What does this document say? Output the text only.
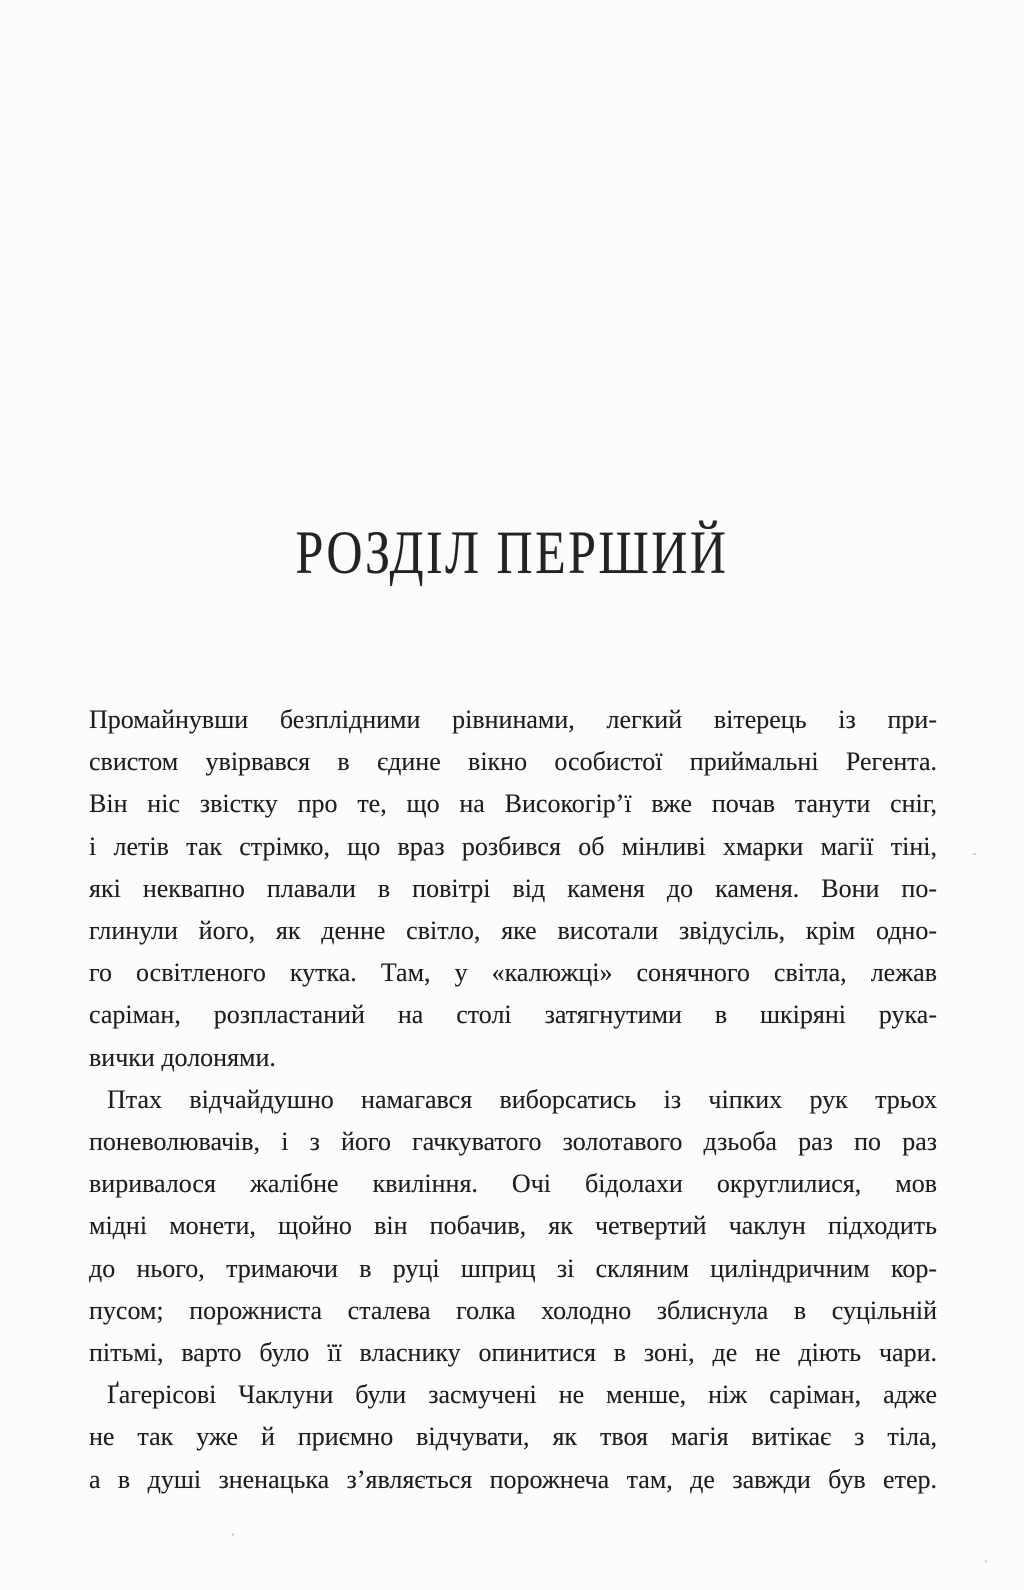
РОЗДІЛ ПЕРШИЙ
Промайнувши безплідними рівнинами, легкий вітерець із при-
свистом увірвався в єдине вікно особистої приймальні Регента.
Він ніс звістку про те, що на Високогір’ї вже почав танути сніг,
і летів так стрімко, що враз розбився об мінливі хмарки магії тіні,
які неквапно плавали в повітрі від каменя до каменя. Вони по-
глинули його, як денне світло, яке висотали звідусіль, крім одно-
го освітленого кутка. Там, у «калюжці» сонячного світла, лежав
саріман, розпластаний на столі затягнутими в шкіряні рука-
вички долонями.
Птах відчайдушно намагався виборсатись із чіпких рук трьох
поневолювачів, і з його гачкуватого золотавого дзьоба раз по раз
виривалося жалібне квиління. Очі бідолахи округлилися, мов
мідні монети, щойно він побачив, як четвертий чаклун підходить
до нього, тримаючи в руці шприц зі скляним циліндричним кор-
пусом; порожниста сталева голка холодно зблиснула в суцільній
пітьмі, варто було її власнику опинитися в зоні, де не діють чари.
Ґагерісові Чаклуни були засмучені не менше, ніж саріман, адже
не так уже й приємно відчувати, як твоя магія витікає з тіла,
а в душі зненацька з’являється порожнеча там, де завжди був етер.
